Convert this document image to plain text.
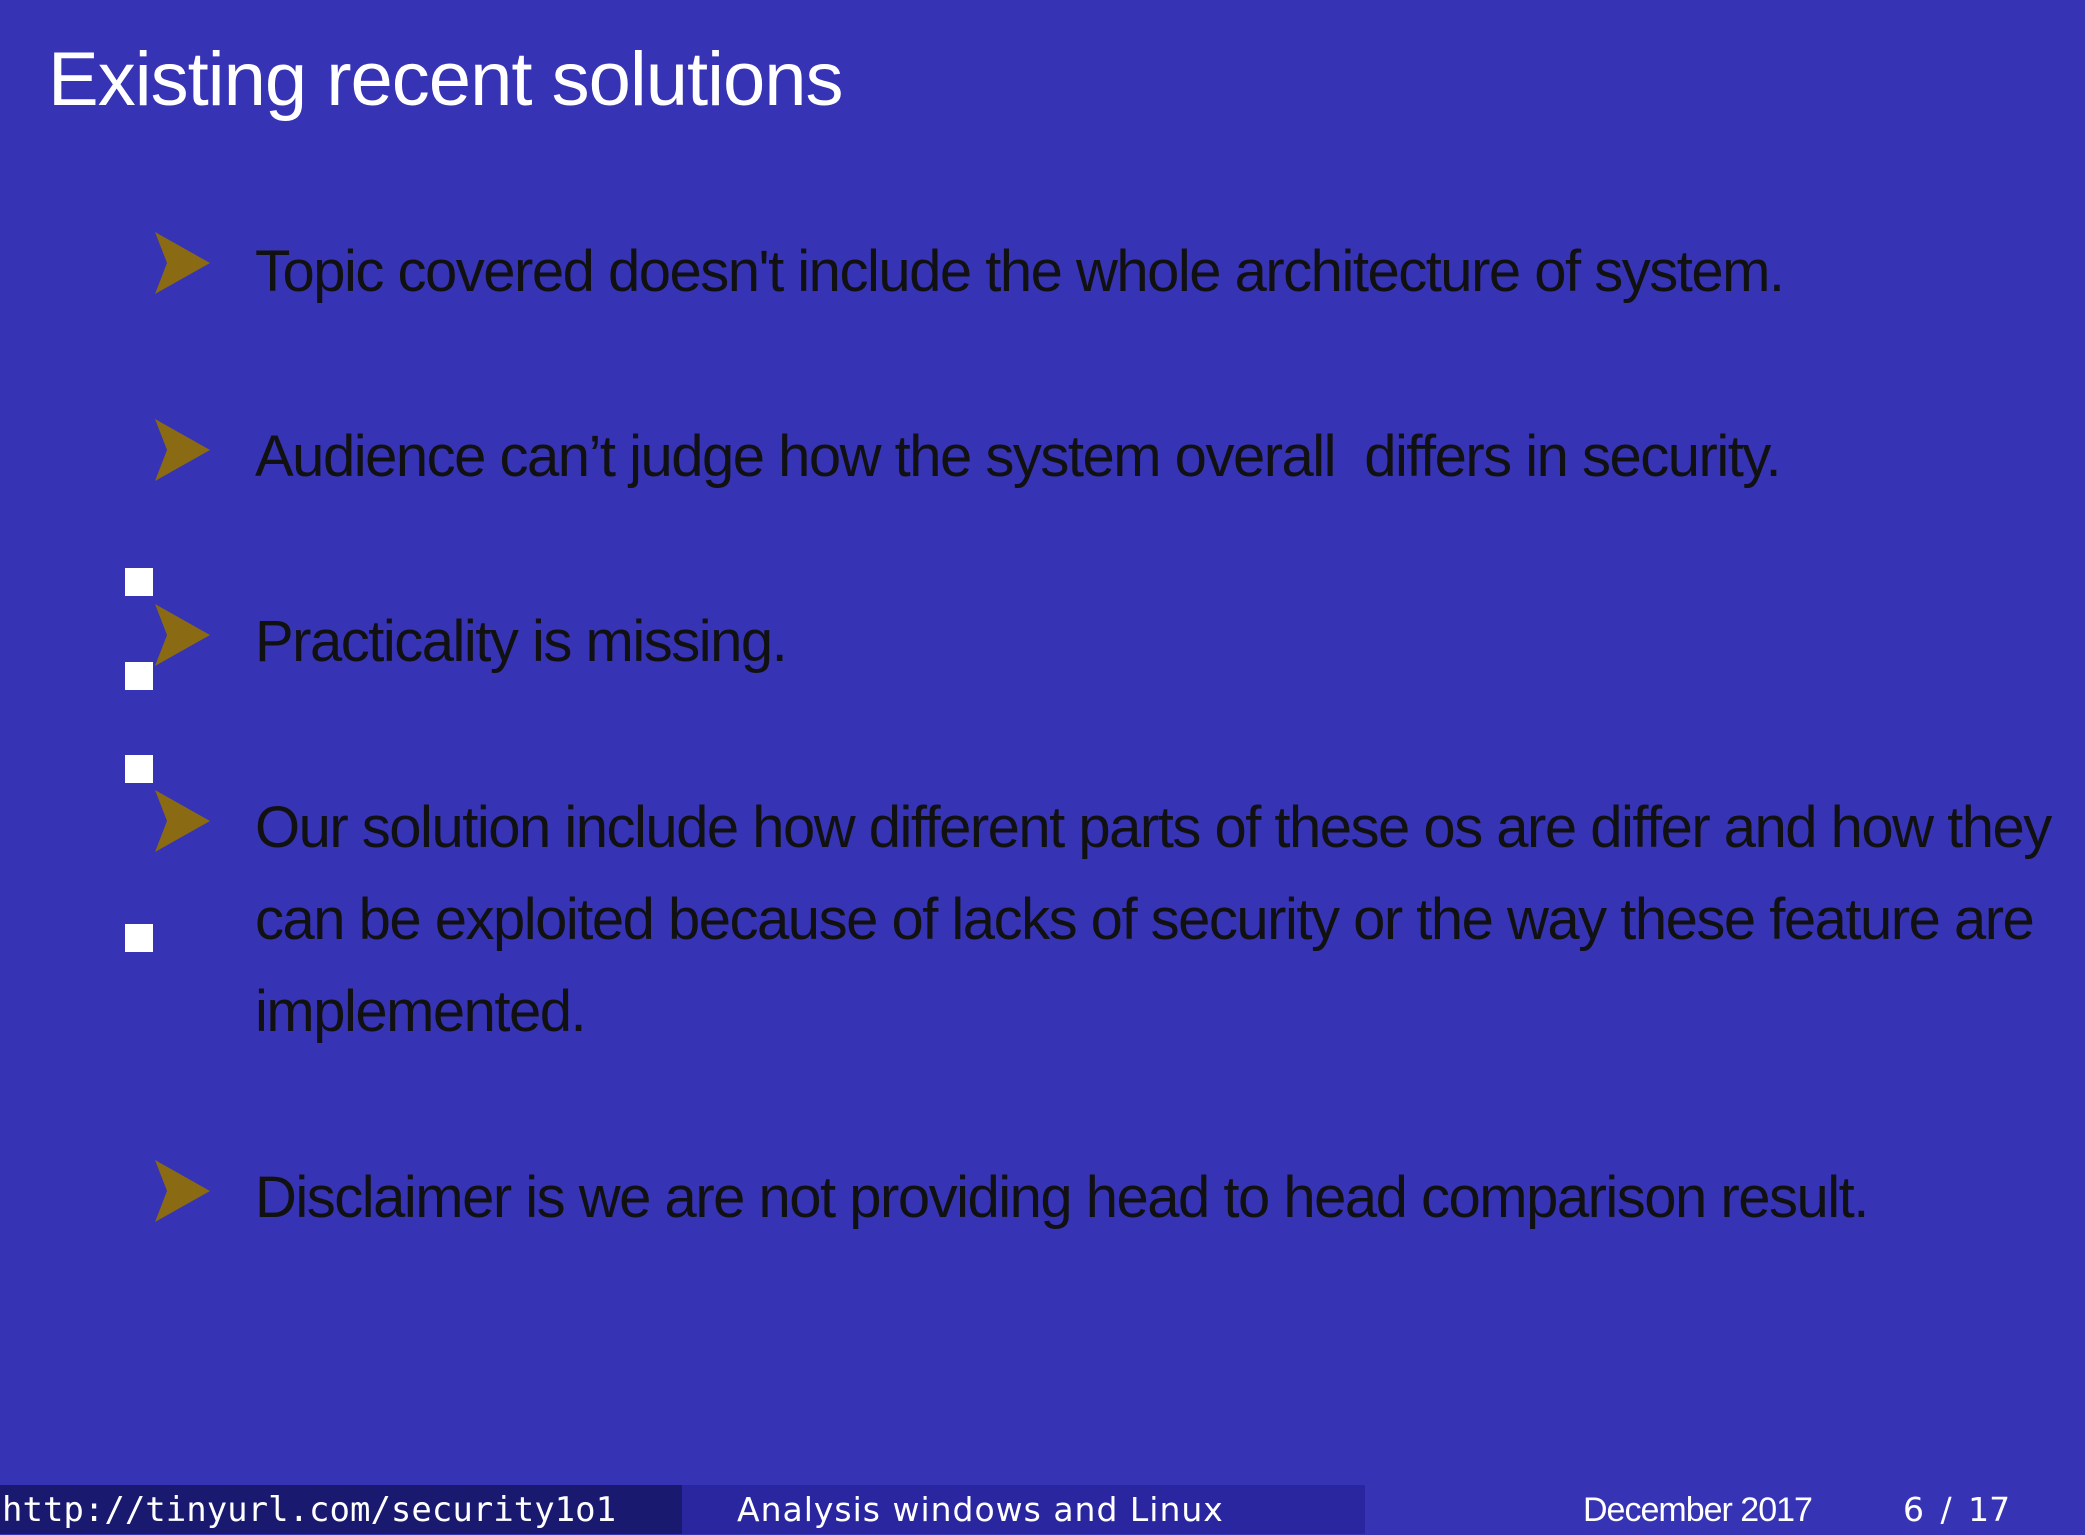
Existing recent solutions
Topic covered doesn't include the whole architecture of system.
Audience can’t judge how the system overall  differs in security.
Practicality is missing.
Our solution include how different parts of these os are differ and how they can be exploited because of lacks of security or the way these feature are implemented.
Disclaimer is we are not providing head to head comparison result.
http://tinyurl.com/security1o1	Analysis windows and Linux	December 2017	6 / 17
